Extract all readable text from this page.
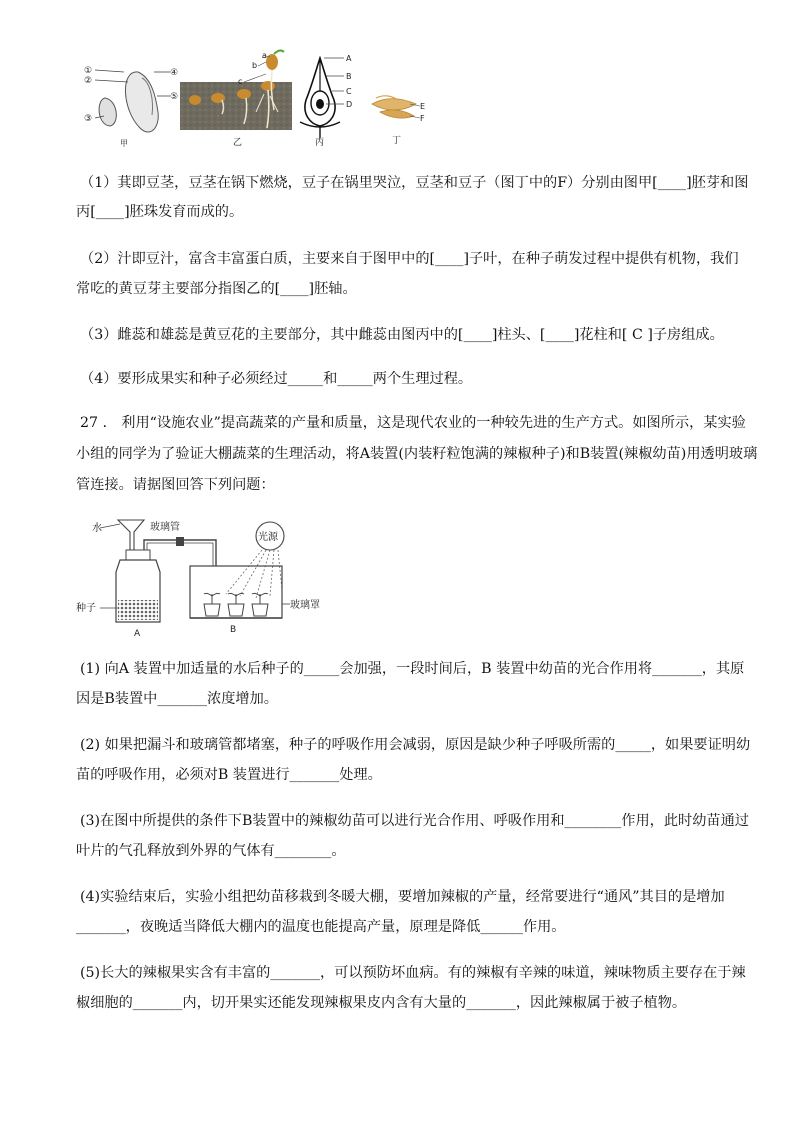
①
②
③
④
⑤
甲
a
b
c
乙
A
B
C
D
丙
E
F
丁
（1）萁即豆茎，豆茎在锅下燃烧，豆子在锅里哭泣，豆茎和豆子（图丁中的F）分别由图甲[____]胚芽和图
丙[____]胚珠发育而成的。
（2）汁即豆汁，富含丰富蛋白质，主要来自于图甲中的[____]子叶，在种子萌发过程中提供有机物，我们
常吃的黄豆芽主要部分指图乙的[____]胚轴。
（3）雌蕊和雄蕊是黄豆花的主要部分，其中雌蕊由图丙中的[____]柱头、[____]花柱和[ C ]子房组成。
（4）要形成果实和种子必须经过_____和_____两个生理过程。
27 ． 利用“设施农业”提高蔬菜的产量和质量，这是现代农业的一种较先进的生产方式。如图所示，某实验
小组的同学为了验证大棚蔬菜的生理活动，将A装置(内装籽粒饱满的辣椒种子)和B装置(辣椒幼苗)用透明玻璃
管连接。请据图回答下列问题：
水
种子
A
玻璃管
光源
玻璃罩
B
(1) 向A 装置中加适量的水后种子的_____会加强，一段时间后，B 装置中幼苗的光合作用将_______，其原
因是B装置中_______浓度增加。
(2) 如果把漏斗和玻璃管都堵塞，种子的呼吸作用会减弱，原因是缺少种子呼吸所需的_____，如果要证明幼
苗的呼吸作用，必须对B 装置进行_______处理。
(3)在图中所提供的条件下B装置中的辣椒幼苗可以进行光合作用、呼吸作用和________作用，此时幼苗通过
叶片的气孔释放到外界的气体有________。
(4)实验结束后，实验小组把幼苗移栽到冬暖大棚，要增加辣椒的产量，经常要进行“通风”其目的是增加
_______，夜晚适当降低大棚内的温度也能提高产量，原理是降低______作用。
(5)长大的辣椒果实含有丰富的_______，可以预防坏血病。有的辣椒有辛辣的味道，辣味物质主要存在于辣
椒细胞的_______内，切开果实还能发现辣椒果皮内含有大量的_______，因此辣椒属于被子植物。
